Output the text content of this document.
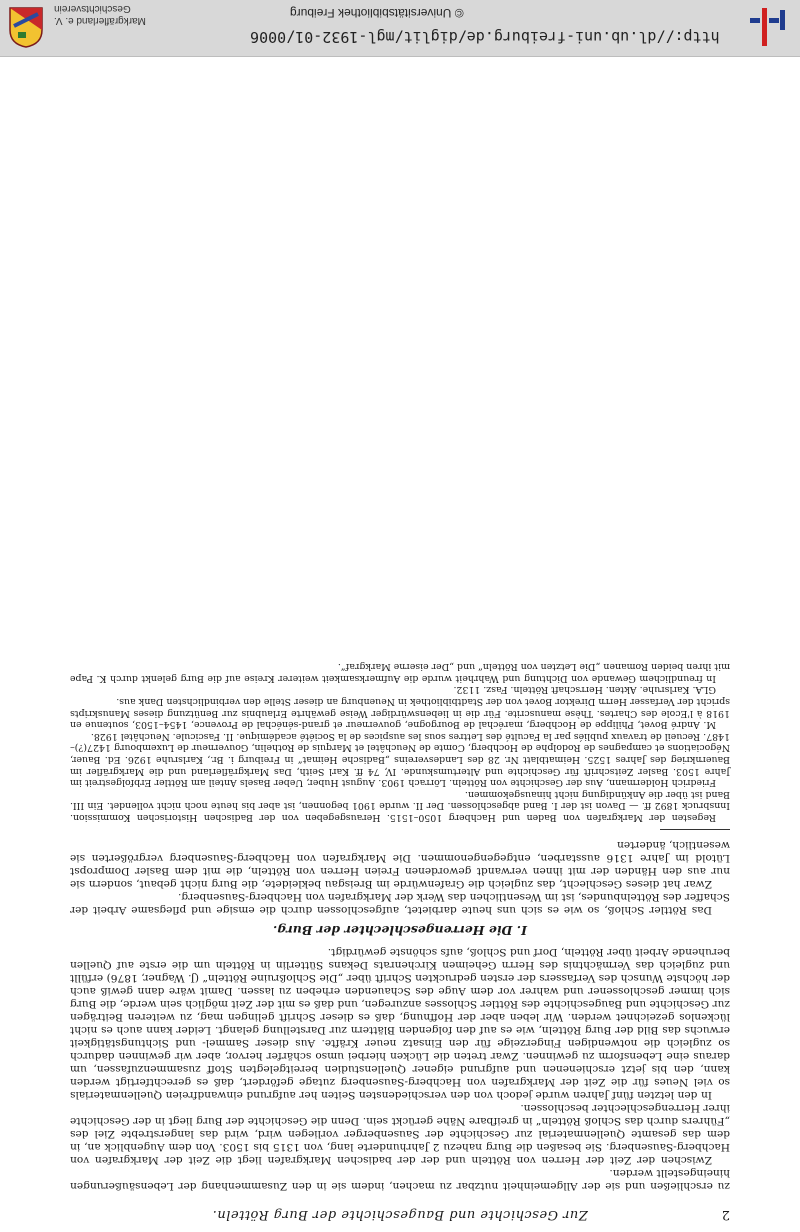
Markgräflerland e. V.
Geschichtsverein
http://dl.ub.uni-freiburg.de/diglit/mgl-1932-01/0006
© Universitätsbibliothek Freiburg
2
Zur Geschichte und Baugeschichte der Burg Rötteln.

zu erschließen und sie der Allgemeinheit nutzbar zu machen, indem sie in den Zusammenhang der Lebensäußerungen hineingestellt werden.

Zwischen der Zeit der Herren von Rötteln und der der badischen Markgrafen liegt die Zeit der Markgrafen von Hachberg-Sausenberg. Sie besaßen die Burg nahezu 2 Jahrhunderte lang, von 1315 bis 1503. Von dem Augenblick an, in dem das gesamte Quellenmaterial zur Geschichte der Sausenberger vorliegen wird, wird das langerstrebte Ziel des „Führers durch das Schloß Rötteln“ in greifbare Nähe gerückt sein. Denn die Geschichte der Burg liegt in der Geschichte ihrer Herrengeschlechter beschlossen.

In den letzten fünf Jahren wurde jedoch von den verschiedensten Seiten her aufgrund einwandfreien Quellenmaterials so viel Neues für die Zeit der Markgrafen von Hachberg-Sausenberg zutage gefördert, daß es gerechtfertigt werden kann, den bis jetzt erschienenen und aufgrund eigener Quellenstudien bereitgelegten Stoff zusammenzufassen, um daraus eine Lebensform zu gewinnen. Zwar treten die Lücken hierbei umso schärfer hervor, aber wir gewinnen dadurch so zugleich die notwendigen Fingerzeige für den Einsatz neuer Kräfte. Aus dieser Sammel- und Sichtungstätigkeit erwuchs das Bild der Burg Rötteln, wie es auf den folgenden Blättern zur Darstellung gelangt. Leider kann auch es nicht lückenlos gezeichnet werden. Wir leben aber der Hoffnung, daß es dieser Schrift gelingen mag, zu weiteren Beiträgen zur Geschichte und Baugeschichte des Röttler Schlosses anzuregen, und daß es mit der Zeit möglich sein werde, die Burg sich immer geschlossener und wahrer vor dem Auge des Schauenden erheben zu lassen. Damit wäre dann gewiß auch der höchste Wunsch des Verfassers der ersten gedruckten Schrift über „Die Schloßruine Rötteln“ (J. Wagner, 1876) erfüllt und zugleich das Vermächtnis des Herrn Geheimen Kirchenrats Dekans Sütterlin in Rötteln um die erste auf Quellen beruhende Arbeit über Rötteln, Dorf und Schloß, aufs schönste gewürdigt.

I. Die Herrengeschlechter der Burg.

Das Röttler Schloß, so wie es sich uns heute darbietet, aufgeschlossen durch die emsige und pflegsame Arbeit der Schaffer des Röttelnbundes, ist im Wesentlichen das Werk der Markgrafen von Hachberg-Sausenberg.

Zwar hat dieses Geschlecht, das zugleich die Grafenwürde im Breisgau bekleidete, die Burg nicht gebaut, sondern sie nur aus den Händen der mit ihnen verwandt gewordenen Freien Herren von Rötteln, die mit dem Basler Dompropst Lütold im Jahre 1316 ausstarben, entgegengenommen. Die Markgrafen von Hachberg-Sausenberg vergrößerten sie wesentlich, änderten

Regesten der Markgrafen von Baden und Hachberg 1050–1515. Herausgegeben von der Badischen Historischen Kommission. Innsbruck 1892 ff. — Davon ist der I. Band abgeschlossen. Der II. wurde 1901 begonnen, ist aber bis heute noch nicht vollendet. Ein III. Band ist über die Ankündigung nicht hinausgekommen.

Friedrich Holdermann, Aus der Geschichte von Rötteln. Lörrach 1903. August Huber, Ueber Basels Anteil am Röttler Erbfolgestreit im Jahre 1503. Basler Zeitschrift für Geschichte und Altertumskunde. IV, 74 ff. Karl Seith, Das Markgräflerland und die Markgräfler im Bauernkrieg des Jahres 1525. Heimatblatt Nr. 28 des Landesvereins „Badische Heimat“ in Freiburg i. Br., Karlsruhe 1926. Ed. Bauer, Négociations et campagnes de Rodolphe de Hochberg, Comte de Neuchâtel et Marquis de Rothelin, Gouverneur de Luxembourg 1427(?)–1487. Recueil de travaux publiés par la Faculté des Lettres sous les auspices de la Société académique. II. Fascicule. Neuchâtel 1928.

M. André Bovet, Philippe de Hochberg, maréchal de Bourgogne, gouverneur et grand-sénéchal de Provence, 1454–1503, soutenue en 1918 à l'Ecole des Chartes. Thèse manuscrite. Für die in liebenswürdiger Weise gewährte Erlaubnis zur Benützung dieses Manuskripts spricht der Verfasser Herrn Direktor Bovet von der Stadtbibliothek in Neuenburg an dieser Stelle den verbindlichsten Dank aus.

GLA. Karlsruhe. Akten. Herrschaft Rötteln. Fasz. 1132.

In freundlichem Gewande von Dichtung und Wahrheit wurde die Aufmerksamkeit weiterer Kreise auf die Burg gelenkt durch K. Pape mit ihren beiden Romanen „Die Letzten von Rötteln“ und „Der eiserne Markgraf“.
